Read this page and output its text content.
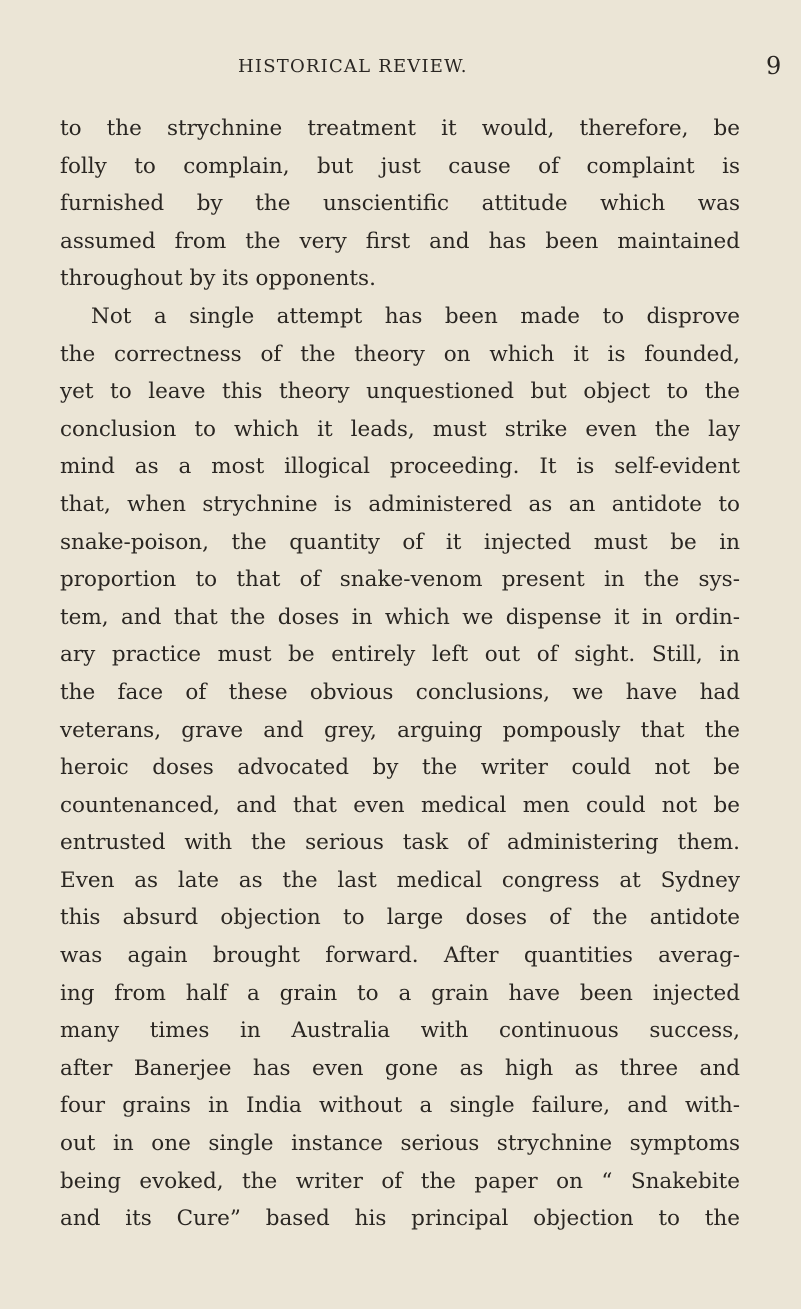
HISTORICAL REVIEW.	9
to the strychnine treatment it would, therefore, be
folly to complain, but just cause of complaint is
furnished by the unscientific attitude which was
assumed from the very first and has been maintained
throughout by its opponents.
Not a single attempt has been made to disprove
the correctness of the theory on which it is founded,
yet to leave this theory unquestioned but object to the
conclusion to which it leads, must strike even the lay
mind as a most illogical proceeding. It is self-evident
that, when strychnine is administered as an antidote to
snake-poison, the quantity of it injected must be in
proportion to that of snake-venom present in the sys-
tem, and that the doses in which we dispense it in ordin-
ary practice must be entirely left out of sight. Still, in
the face of these obvious conclusions, we have had
veterans, grave and grey, arguing pompously that the
heroic doses advocated by the writer could not be
countenanced, and that even medical men could not be
entrusted with the serious task of administering them.
Even as late as the last medical congress at Sydney
this absurd objection to large doses of the antidote
was again brought forward. After quantities averag-
ing from half a grain to a grain have been injected
many times in Australia with continuous success,
after Banerjee has even gone as high as three and
four grains in India without a single failure, and with-
out in one single instance serious strychnine symptoms
being evoked, the writer of the paper on “ Snakebite
and its Cure” based his principal objection to the
